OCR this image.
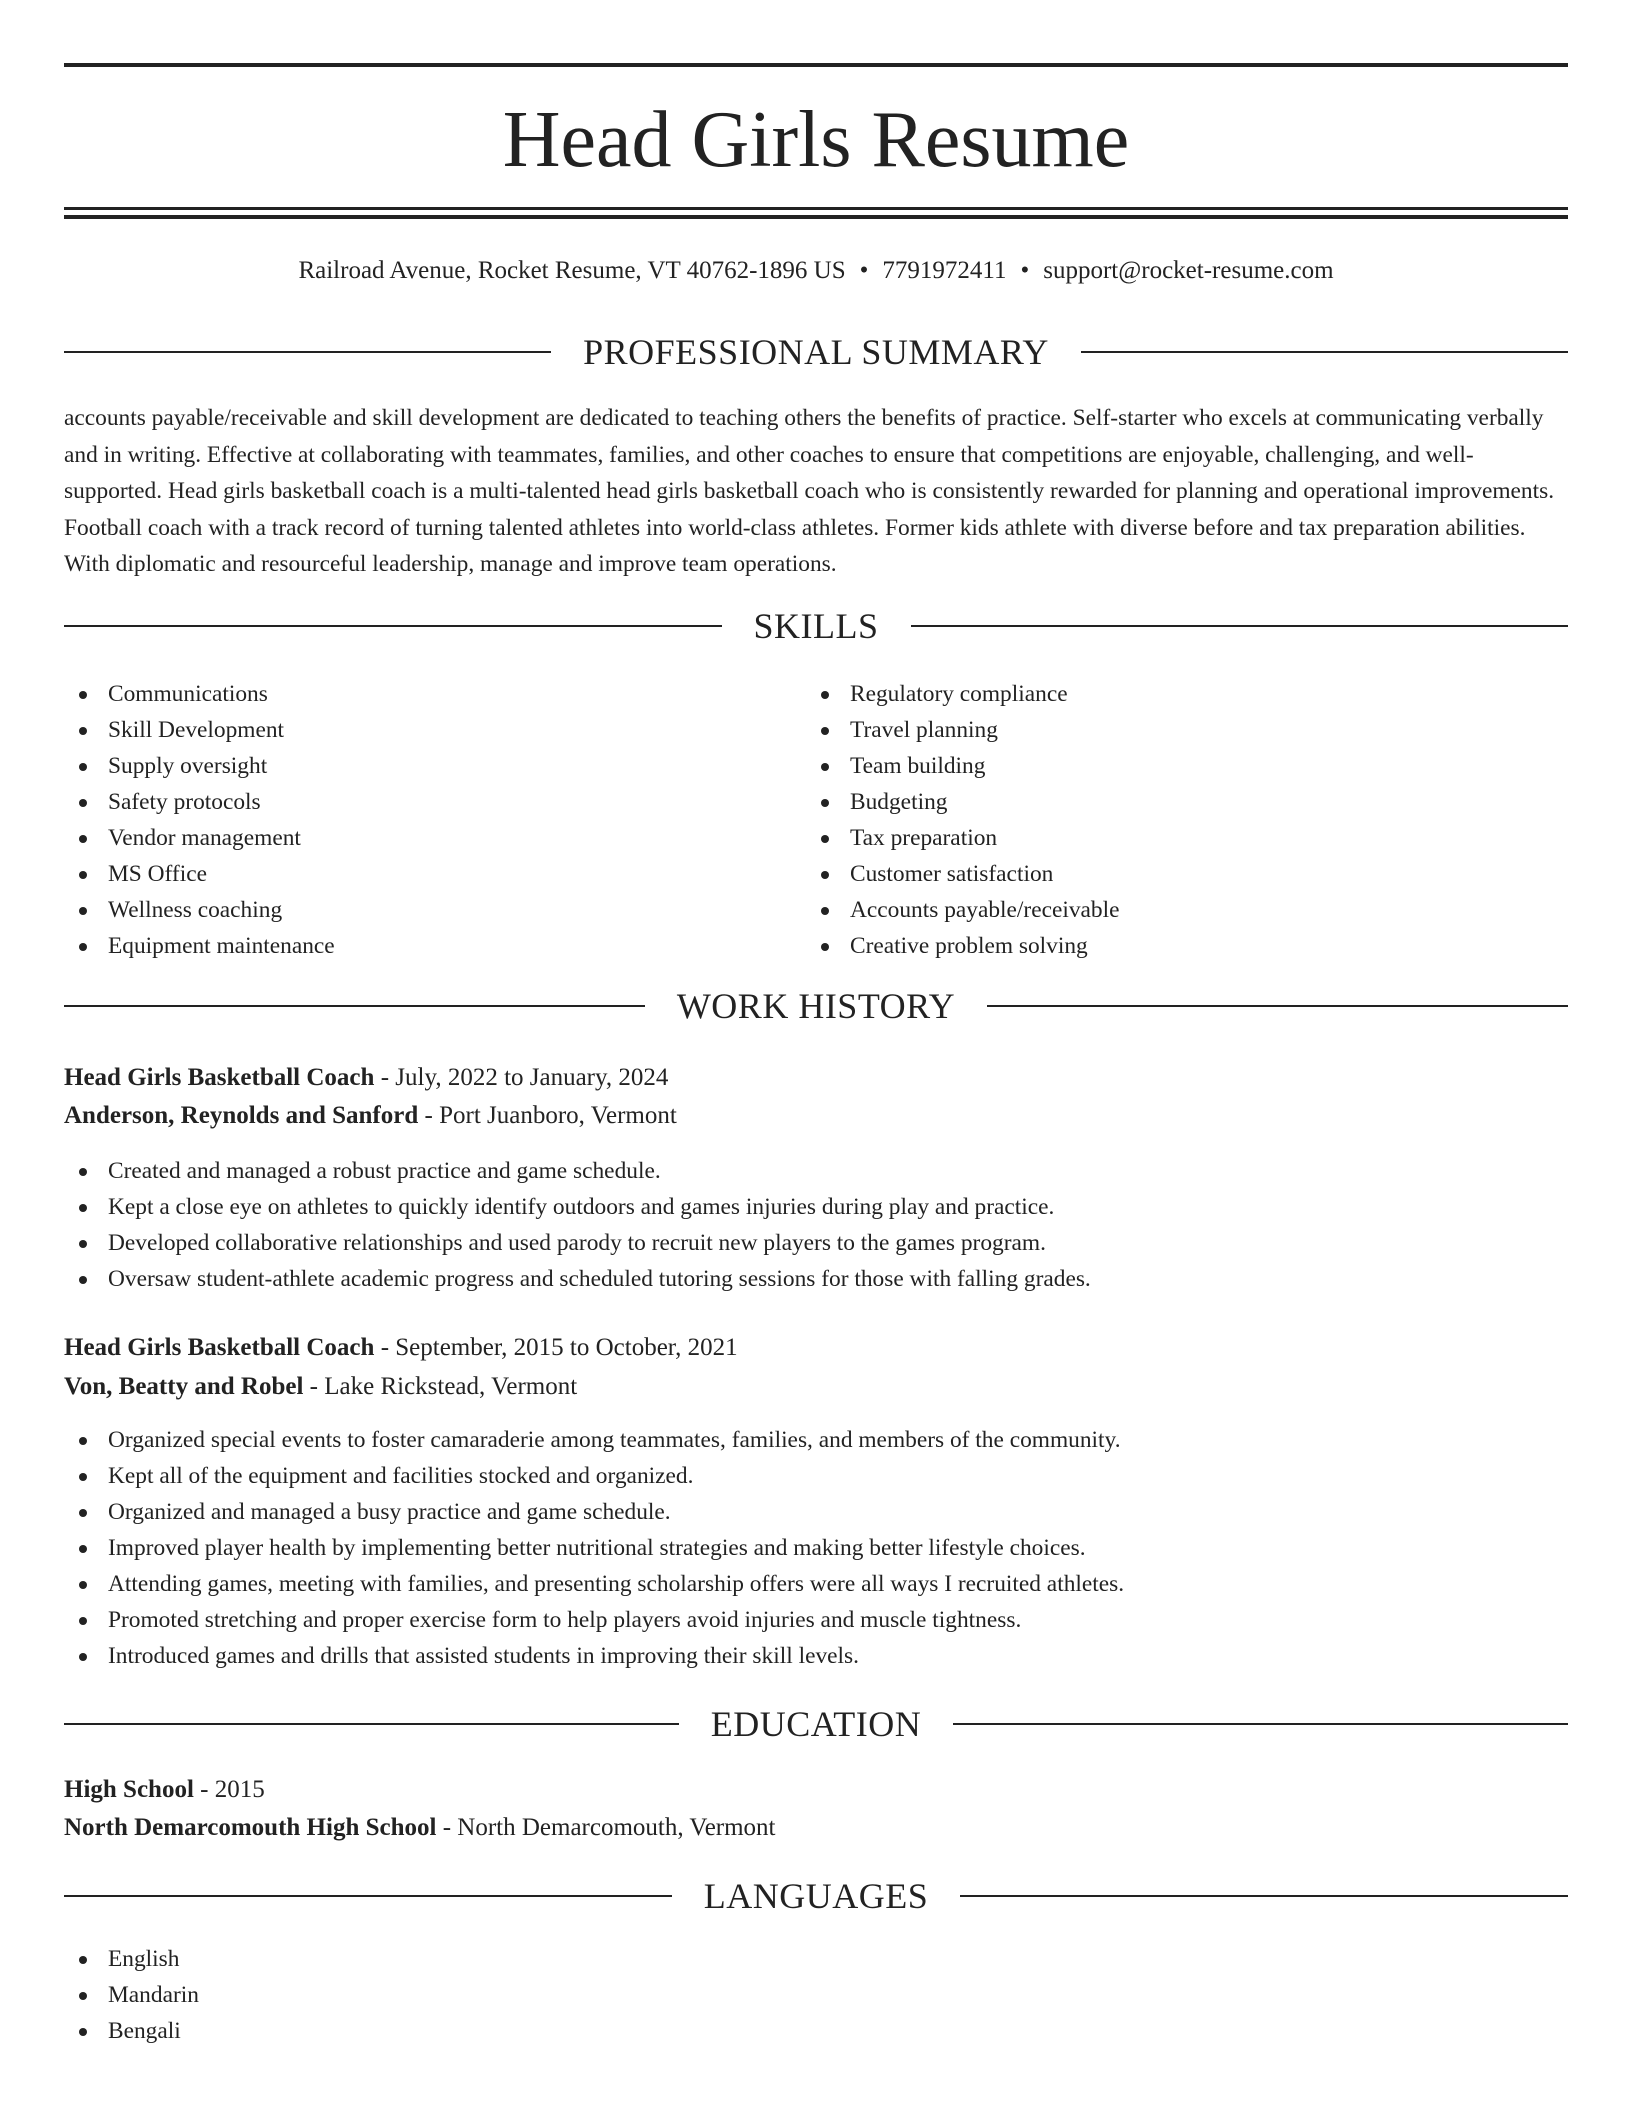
Head Girls Resume
Railroad Avenue, Rocket Resume, VT 40762-1896 US • 7791972411 • support@rocket-resume.com
PROFESSIONAL SUMMARY

accounts payable/receivable and skill development are dedicated to teaching others the benefits of practice. Self-starter who excels at communicating verbally and in writing. Effective at collaborating with teammates, families, and other coaches to ensure that competitions are enjoyable, challenging, and well-supported. Head girls basketball coach is a multi-talented head girls basketball coach who is consistently rewarded for planning and operational improvements. Football coach with a track record of turning talented athletes into world-class athletes. Former kids athlete with diverse before and tax preparation abilities. With diplomatic and resourceful leadership, manage and improve team operations.

SKILLS
Communications
Skill Development
Supply oversight
Safety protocols
Vendor management
MS Office
Wellness coaching
Equipment maintenance
Regulatory compliance
Travel planning
Team building
Budgeting
Tax preparation
Customer satisfaction
Accounts payable/receivable
Creative problem solving
WORK HISTORY
Head Girls Basketball Coach - July, 2022 to January, 2024
Anderson, Reynolds and Sanford - Port Juanboro, Vermont
Created and managed a robust practice and game schedule.
Kept a close eye on athletes to quickly identify outdoors and games injuries during play and practice.
Developed collaborative relationships and used parody to recruit new players to the games program.
Oversaw student-athlete academic progress and scheduled tutoring sessions for those with falling grades.
Head Girls Basketball Coach - September, 2015 to October, 2021
Von, Beatty and Robel - Lake Rickstead, Vermont
Organized special events to foster camaraderie among teammates, families, and members of the community.
Kept all of the equipment and facilities stocked and organized.
Organized and managed a busy practice and game schedule.
Improved player health by implementing better nutritional strategies and making better lifestyle choices.
Attending games, meeting with families, and presenting scholarship offers were all ways I recruited athletes.
Promoted stretching and proper exercise form to help players avoid injuries and muscle tightness.
Introduced games and drills that assisted students in improving their skill levels.
EDUCATION
High School - 2015
North Demarcomouth High School - North Demarcomouth, Vermont
LANGUAGES
English
Mandarin
Bengali
